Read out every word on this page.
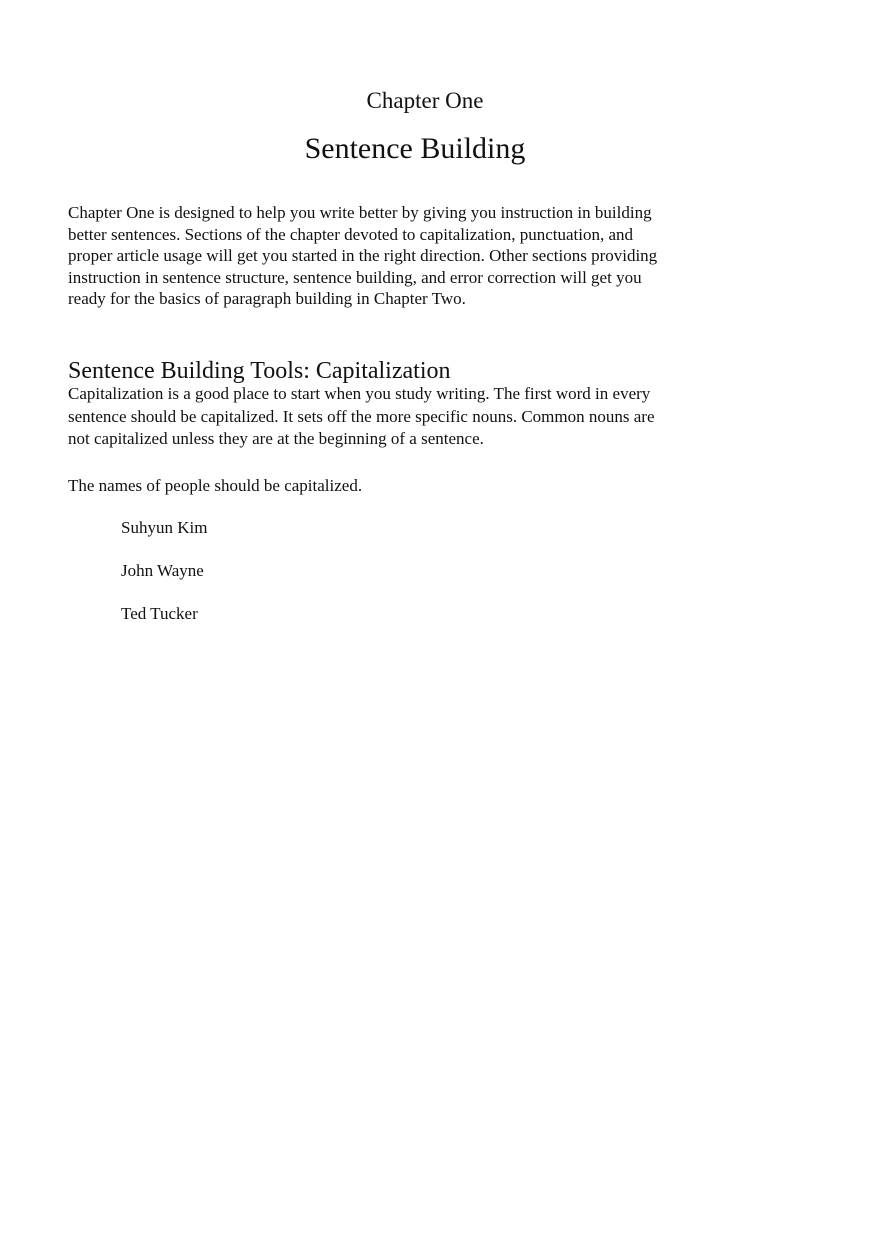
Chapter One
Sentence Building

Chapter One is designed to help you write better by giving you instruction in building better sentences. Sections of the chapter devoted to capitalization, punctuation, and proper article usage will get you started in the right direction. Other sections providing instruction in sentence structure, sentence building, and error correction will get you ready for the basics of paragraph building in Chapter Two.

Sentence Building Tools: Capitalization

Capitalization is a good place to start when you study writing. The first word in every sentence should be capitalized. It sets off the more specific nouns. Common nouns are not capitalized unless they are at the beginning of a sentence.

The names of people should be capitalized.

Suhyun Kim
John Wayne
Ted Tucker
